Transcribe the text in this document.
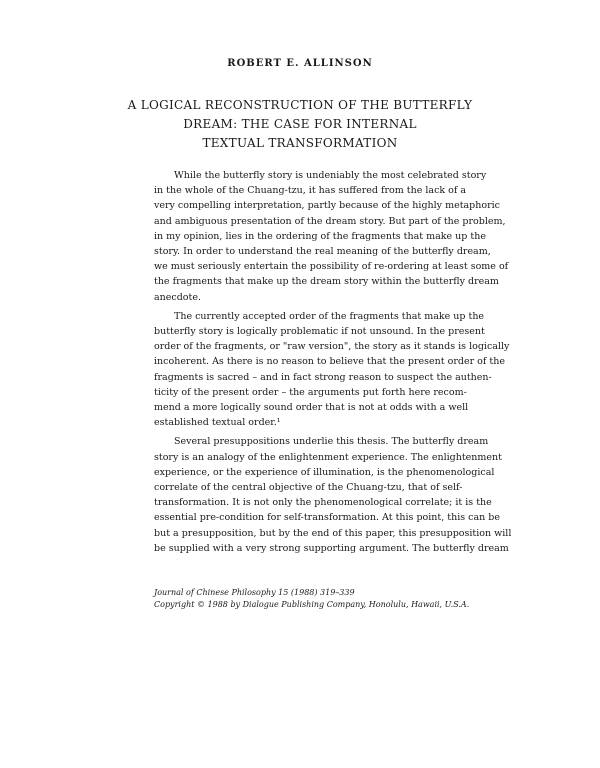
ROBERT E. ALLINSON
A LOGICAL RECONSTRUCTION OF THE BUTTERFLY
DREAM: THE CASE FOR INTERNAL
TEXTUAL TRANSFORMATION
While the butterfly story is undeniably the most celebrated story
in the whole of the Chuang-tzu, it has suffered from the lack of a
very compelling interpretation, partly because of the highly metaphoric
and ambiguous presentation of the dream story. But part of the problem,
in my opinion, lies in the ordering of the fragments that make up the
story. In order to understand the real meaning of the butterfly dream,
we must seriously entertain the possibility of re-ordering at least some of
the fragments that make up the dream story within the butterfly dream
anecdote.
The currently accepted order of the fragments that make up the
butterfly story is logically problematic if not unsound. In the present
order of the fragments, or "raw version", the story as it stands is logically
incoherent. As there is no reason to believe that the present order of the
fragments is sacred – and in fact strong reason to suspect the authen-
ticity of the present order – the arguments put forth here recom-
mend a more logically sound order that is not at odds with a well
established textual order.¹
Several presuppositions underlie this thesis. The butterfly dream
story is an analogy of the enlightenment experience. The enlightenment
experience, or the experience of illumination, is the phenomenological
correlate of the central objective of the Chuang-tzu, that of self-
transformation. It is not only the phenomenological correlate; it is the
essential pre-condition for self-transformation. At this point, this can be
but a presupposition, but by the end of this paper, this presupposition will
be supplied with a very strong supporting argument. The butterfly dream
Journal of Chinese Philosophy 15 (1988) 319–339
Copyright © 1988 by Dialogue Publishing Company, Honolulu, Hawaii, U.S.A.
